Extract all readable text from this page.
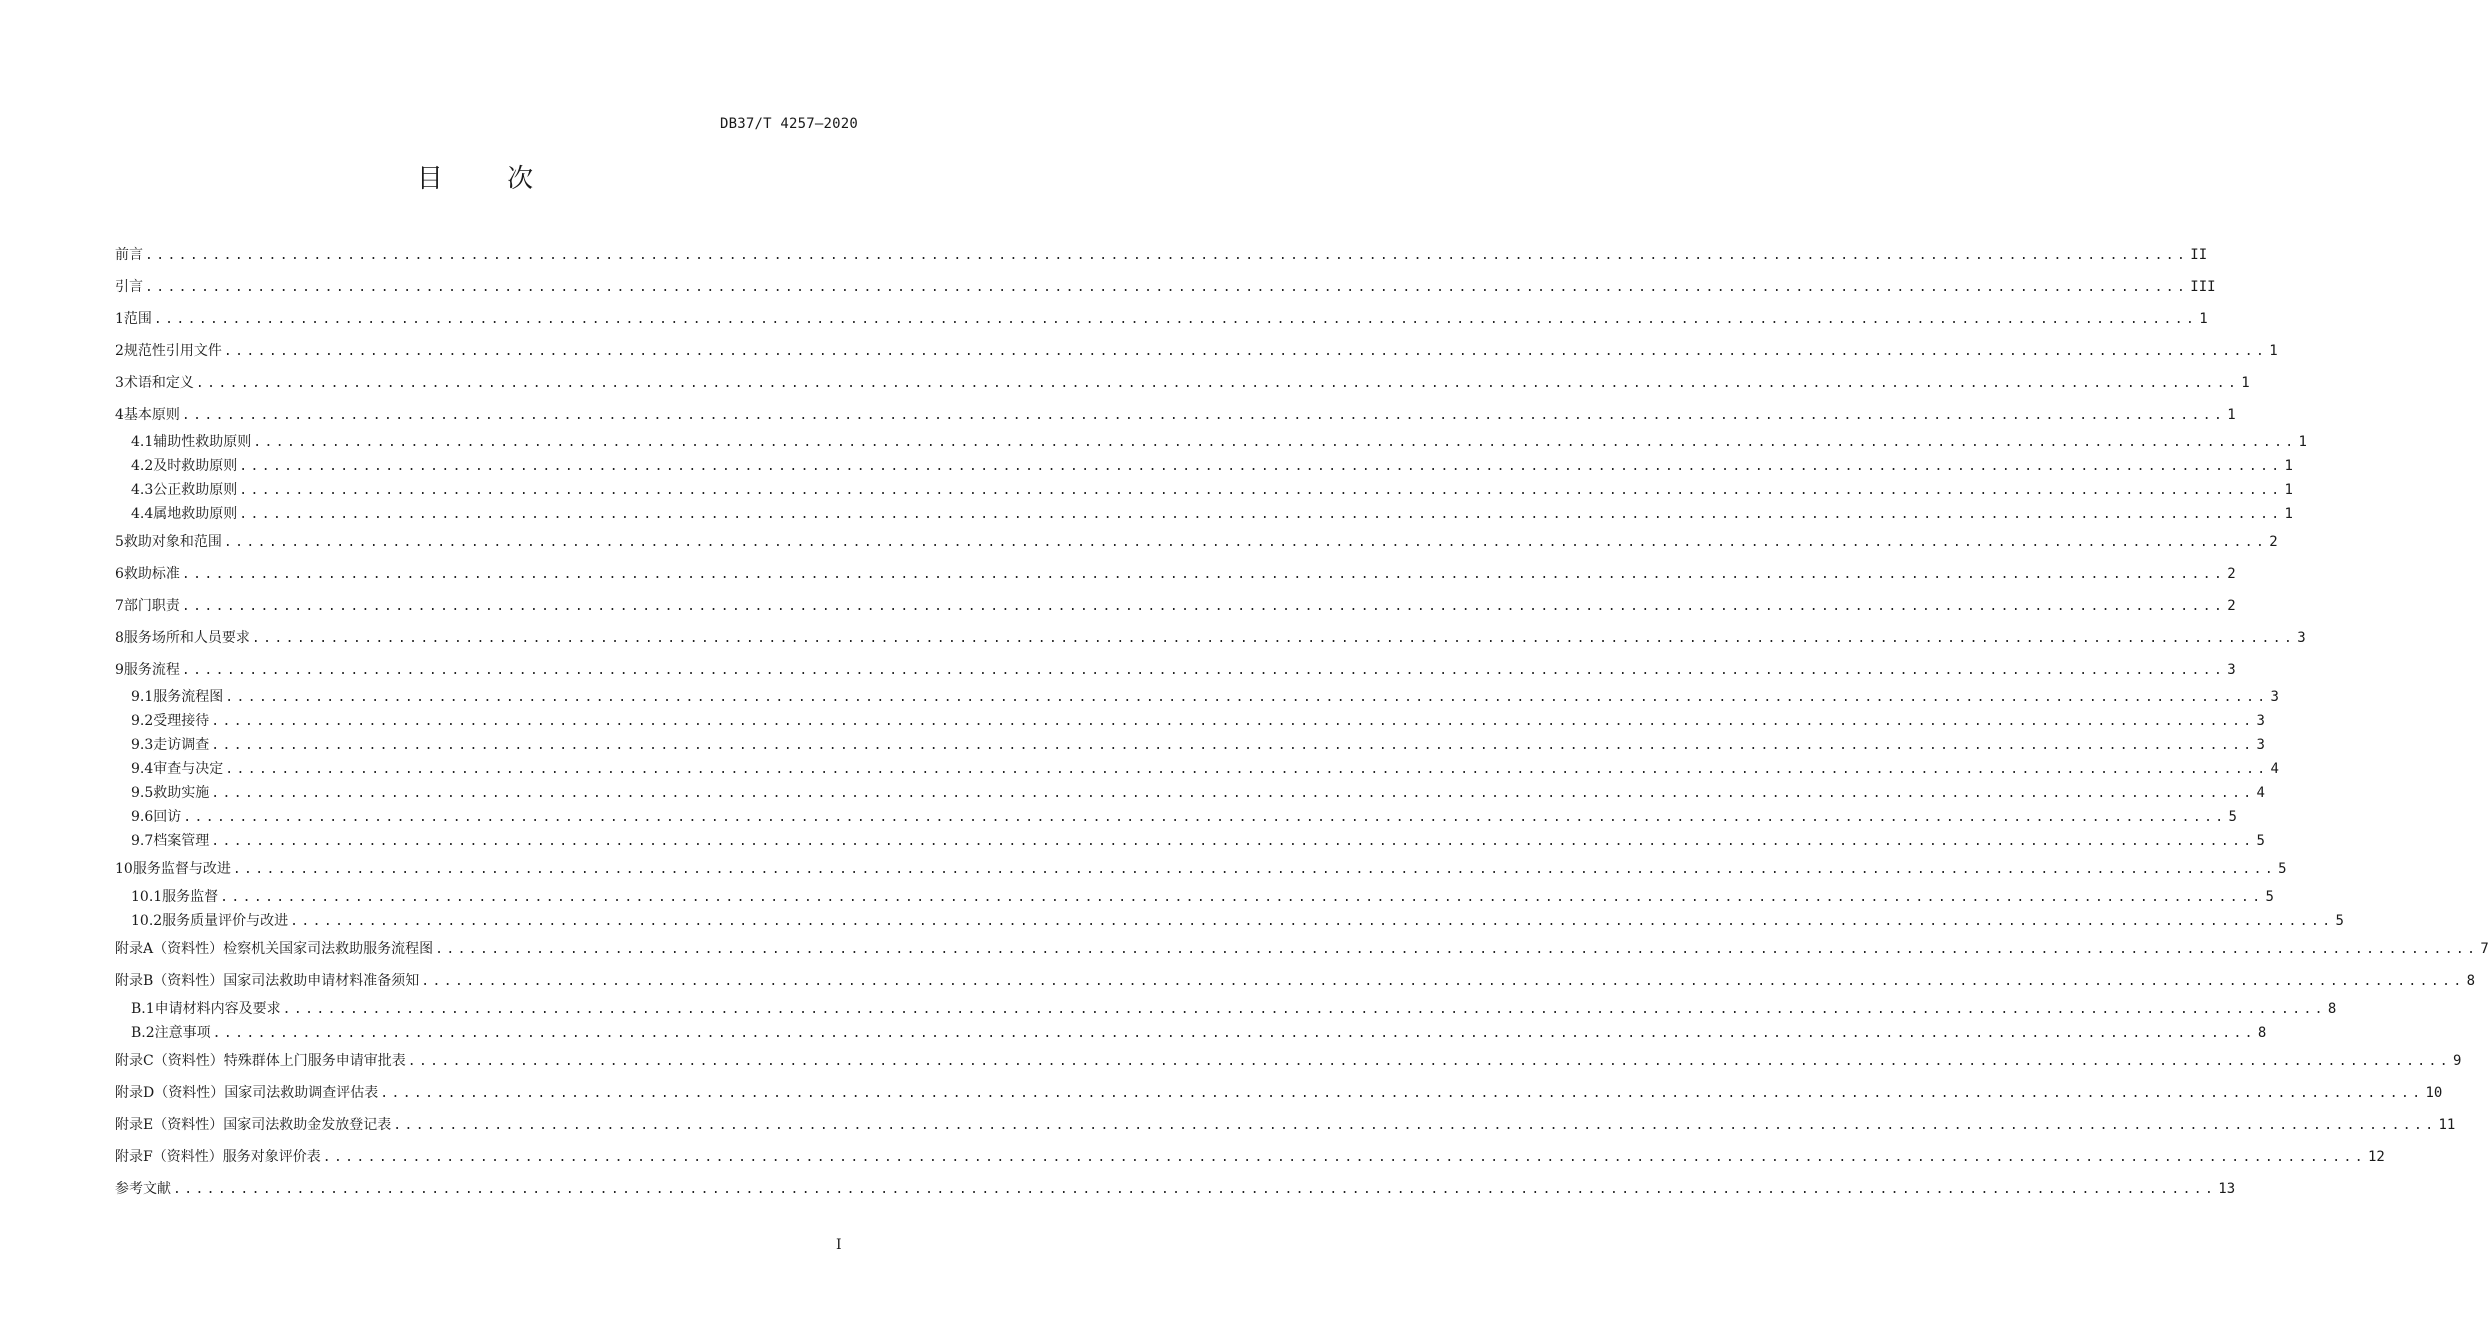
DB37/T 4257—2020
目 次
前言 ...................................................................................................................................................................................... II
引言 ...................................................................................................................................................................................... III
1 范围 ...................................................................................................................................................................................... 1
2 规范性引用文件 ...................................................................................................................................................................................... 1
3 术语和定义 ...................................................................................................................................................................................... 1
4 基本原则 ...................................................................................................................................................................................... 1
4.1 辅助性救助原则 ...................................................................................................................................................................................... 1
4.2 及时救助原则 ...................................................................................................................................................................................... 1
4.3 公正救助原则 ...................................................................................................................................................................................... 1
4.4 属地救助原则 ...................................................................................................................................................................................... 1
5 救助对象和范围 ...................................................................................................................................................................................... 2
6 救助标准 ...................................................................................................................................................................................... 2
7 部门职责 ...................................................................................................................................................................................... 2
8 服务场所和人员要求 ...................................................................................................................................................................................... 3
9 服务流程 ...................................................................................................................................................................................... 3
9.1 服务流程图 ...................................................................................................................................................................................... 3
9.2 受理接待 ...................................................................................................................................................................................... 3
9.3 走访调查 ...................................................................................................................................................................................... 3
9.4 审查与决定 ...................................................................................................................................................................................... 4
9.5 救助实施 ...................................................................................................................................................................................... 4
9.6 回访 ...................................................................................................................................................................................... 5
9.7 档案管理 ...................................................................................................................................................................................... 5
10 服务监督与改进 ...................................................................................................................................................................................... 5
10.1 服务监督 ...................................................................................................................................................................................... 5
10.2 服务质量评价与改进 ...................................................................................................................................................................................... 5
附录A（资料性） 检察机关国家司法救助服务流程图 ...................................................................................................................................................................................... 7
附录B（资料性） 国家司法救助申请材料准备须知 ...................................................................................................................................................................................... 8
B.1 申请材料内容及要求 ...................................................................................................................................................................................... 8
B.2 注意事项 ...................................................................................................................................................................................... 8
附录C（资料性） 特殊群体上门服务申请审批表 ...................................................................................................................................................................................... 9
附录D（资料性） 国家司法救助调查评估表 ...................................................................................................................................................................................... 10
附录E（资料性） 国家司法救助金发放登记表 ...................................................................................................................................................................................... 11
附录F（资料性） 服务对象评价表 ...................................................................................................................................................................................... 12
参考文献 ...................................................................................................................................................................................... 13
I
